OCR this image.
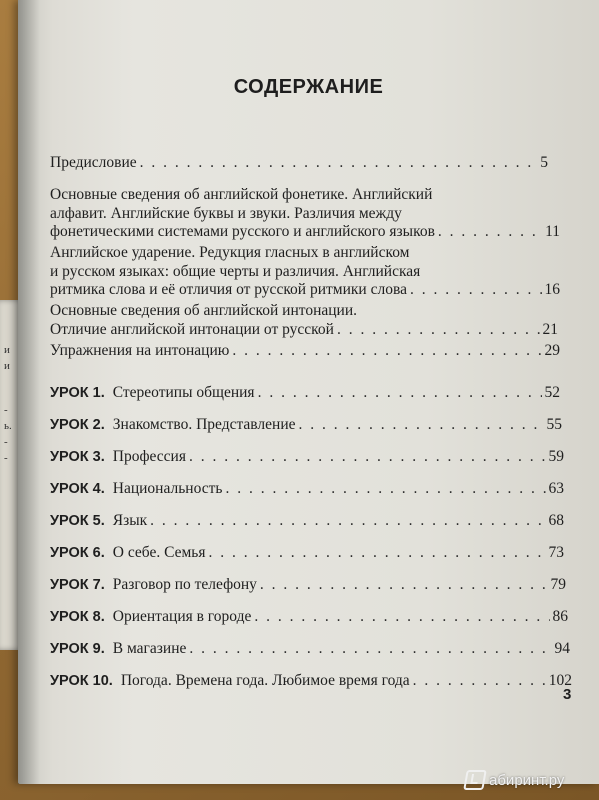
и
и
-
ь.
-
-
СОДЕРЖАНИЕ
Предисловие . . .	5
Основные сведения об английской фонетике. Английский
алфавит. Английские буквы и звуки. Различия между
фонетическими системами русского и английского языков . . .	11
Английское ударение. Редукция гласных в английском
и русском языках: общие черты и различия. Английская
ритмика слова и её отличия от русской ритмики слова . . .	16
Основные сведения об английской интонации.
Отличие английской интонации от русской . . .	21
Упражнения на интонацию . . .	29
УРОК 1. Стереотипы общения . . .	52
УРОК 2. Знакомство. Представление . . .	55
УРОК 3. Профессия . . .	59
УРОК 4. Национальность . . .	63
УРОК 5. Язык . . .	68
УРОК 6. О себе. Семья . . .	73
УРОК 7. Разговор по телефону . . .	79
УРОК 8. Ориентация в городе . . .	86
УРОК 9. В магазине . . .	94
УРОК 10. Погода. Времена года. Любимое время года . . .	102
3
абиринт.ру
